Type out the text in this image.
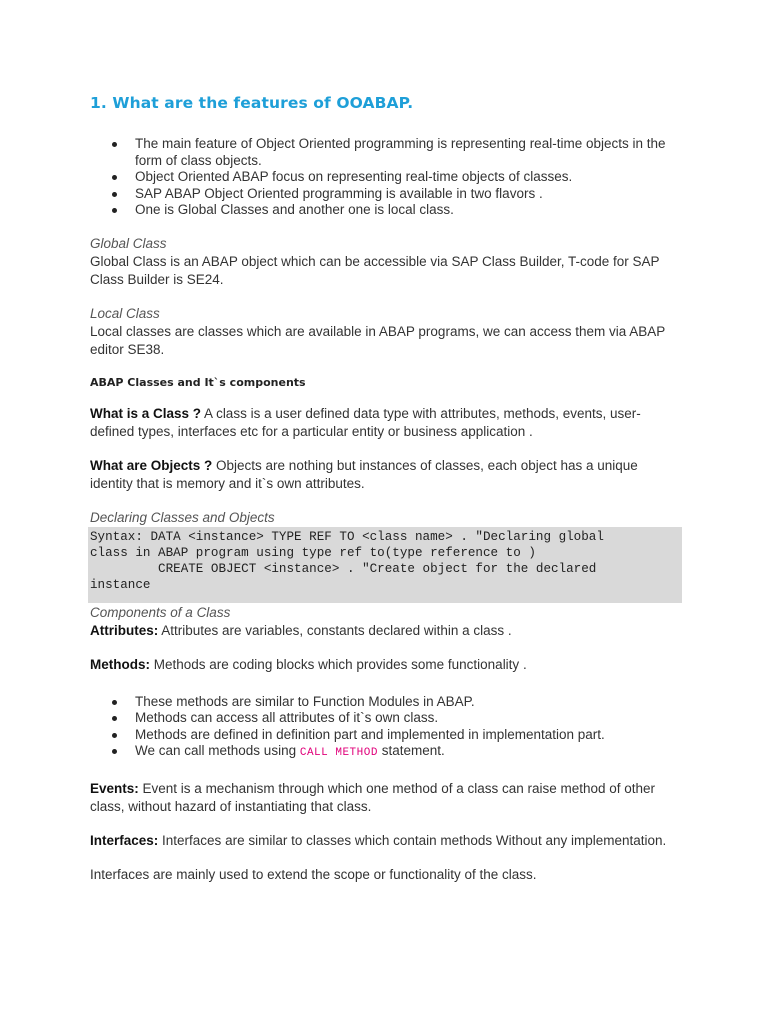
1. What are the features of OOABAP.

The main feature of Object Oriented programming is representing real-time objects in the form of class objects.
Object Oriented ABAP focus on representing real-time objects of classes.
SAP ABAP Object Oriented programming is available in two flavors .
One is Global Classes and another one is local class.

Global Class

Global Class is an ABAP object which can be accessible via SAP Class Builder, T-code for SAP Class Builder is SE24.

Local Class

Local classes are classes which are available in ABAP programs, we can access them via ABAP editor SE38.

ABAP Classes and It`s components

What is a Class ? A class is a user defined data type with attributes, methods, events, user-defined types, interfaces etc for a particular entity or business application .

What are Objects ? Objects are nothing but instances of classes, each object has a unique identity that is memory and it`s own attributes.

Declaring Classes and Objects

Syntax: DATA <instance> TYPE REF TO <class name> . "Declaring global
class in ABAP program using type ref to(type reference to )
CREATE OBJECT <instance> . "Create object for the declared
instance

Components of a Class

Attributes: Attributes are variables, constants declared within a class .

Methods: Methods are coding blocks which provides some functionality .

These methods are similar to Function Modules in ABAP.
Methods can access all attributes of it`s own class.
Methods are defined in definition part and implemented in implementation part.
We can call methods using CALL METHOD statement.

Events: Event is a mechanism through which one method of a class can raise method of other class, without hazard of instantiating that class.

Interfaces: Interfaces are similar to classes which contain methods Without any implementation.

Interfaces are mainly used to extend the scope or functionality of the class.
